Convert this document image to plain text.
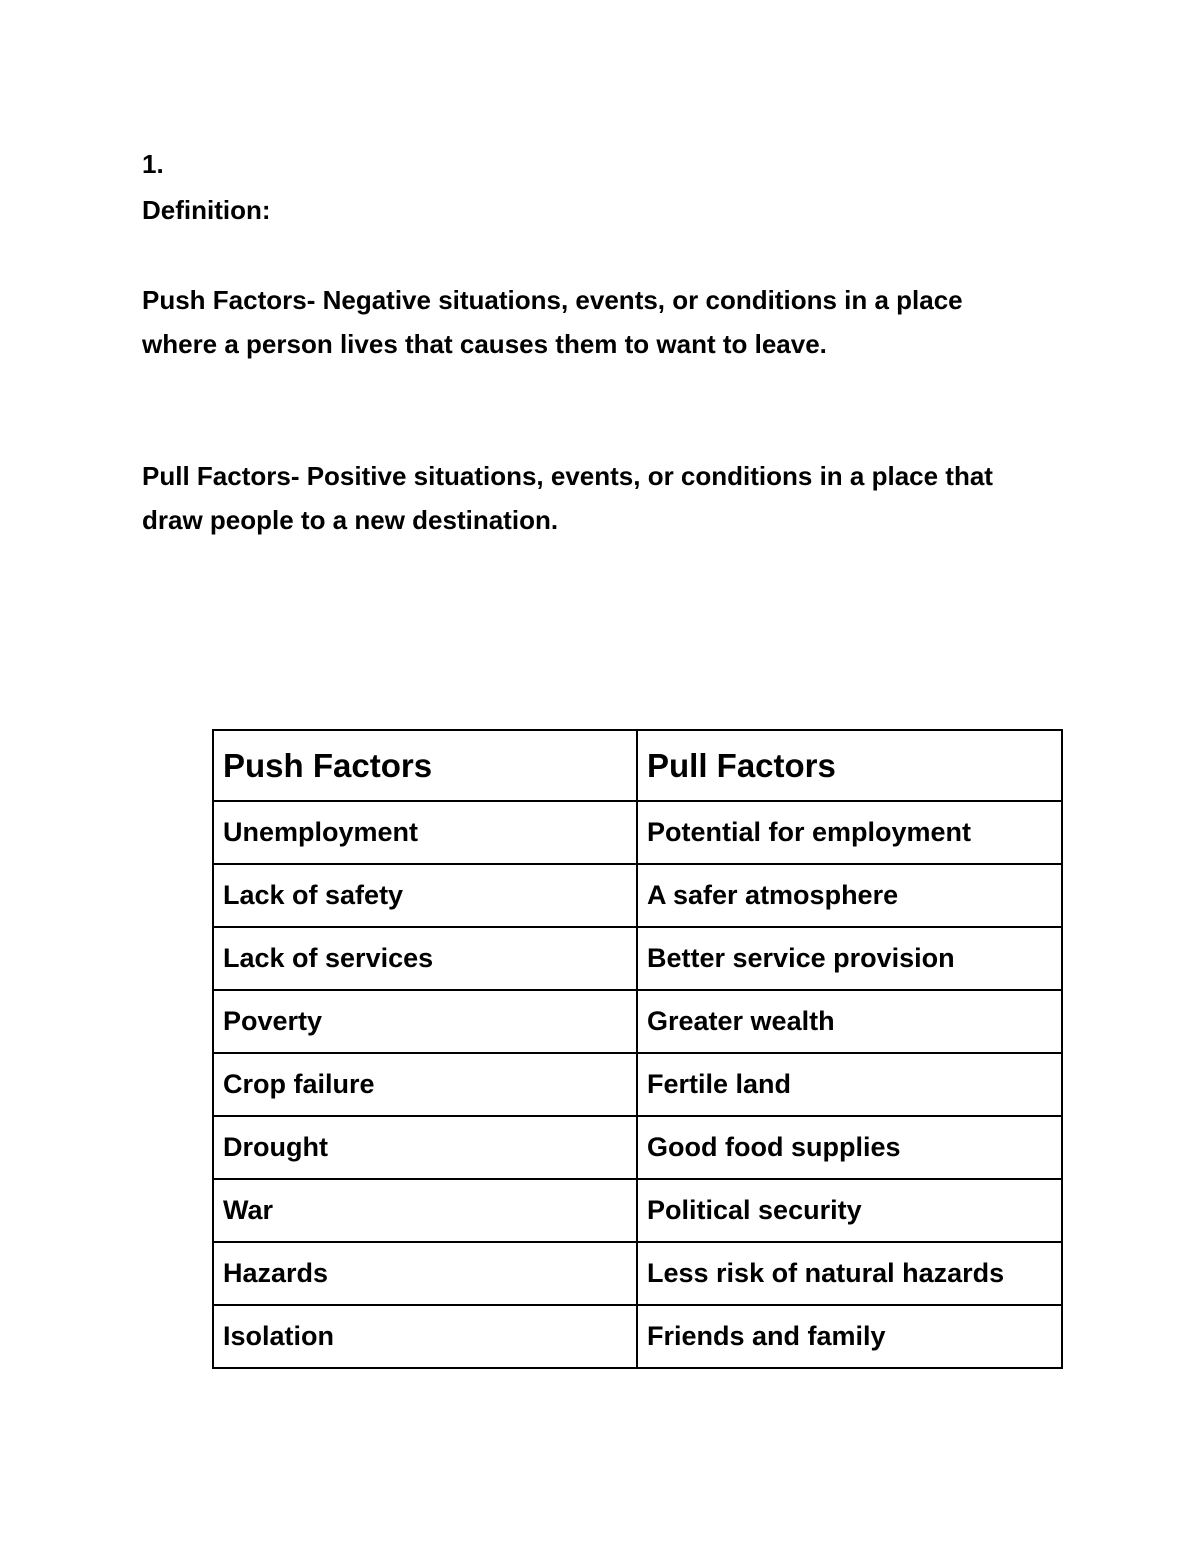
1.
Definition:
Push Factors- Negative situations, events, or conditions in a place
where a person lives that causes them to want to leave.
Pull Factors- Positive situations, events, or conditions in a place that
draw people to a new destination.
Push Factors	Pull Factors
Unemployment	Potential for employment
Lack of safety	A safer atmosphere
Lack of services	Better service provision
Poverty	Greater wealth
Crop failure	Fertile land
Drought	Good food supplies
War	Political security
Hazards	Less risk of natural hazards
Isolation	Friends and family
